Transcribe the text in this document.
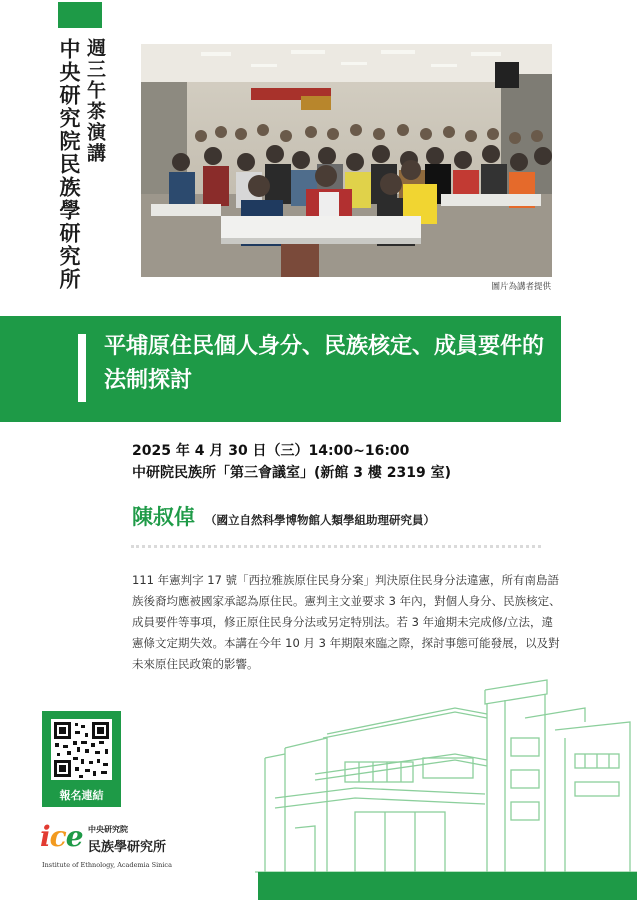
週三午茶演講
中央研究院民族學研究所	圖片為講者提供
平埔原住民個人身分、民族核定、成員要件的法制探討
2025 年 4 月 30 日（三）14:00~16:00
中研院民族所「第三會議室」(新館 3 樓 2319 室)
陳叔倬 （國立自然科學博物館人類學組助理研究員）

111 年憲判字 17 號「西拉雅族原住民身分案」判決原住民身分法違憲，所有南島語族後裔均應被國家承認為原住民。憲判主文並要求 3 年內，對個人身分、民族核定、成員要件等事項，修正原住民身分法或另定特別法。若 3 年逾期未完成修/立法，違憲條文定期失效。本講在今年 10 月 3 年期限來臨之際，探討事態可能發展，以及對未來原住民政策的影響。

報名連結
ice 中央研究院
民族學研究所
Institute of Ethnology, Academia Sinica
